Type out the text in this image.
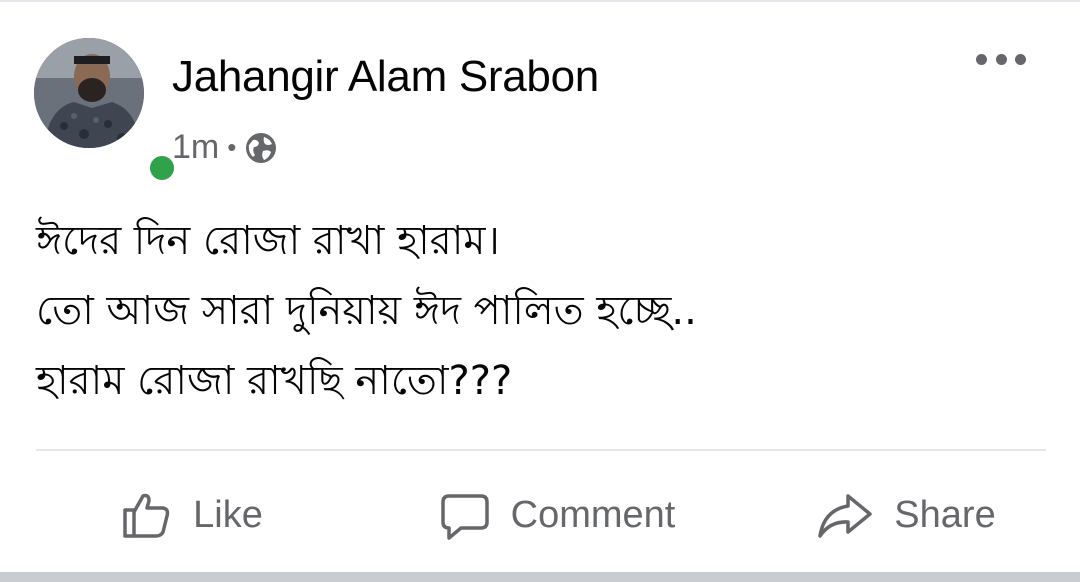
Jahangir Alam Srabon
1m •
ঈদের দিন রোজা রাখা হারাম।
তো আজ সারা দুনিয়ায় ঈদ পালিত হচ্ছে..
হারাম রোজা রাখছি নাতো???
Like	Comment	Share
